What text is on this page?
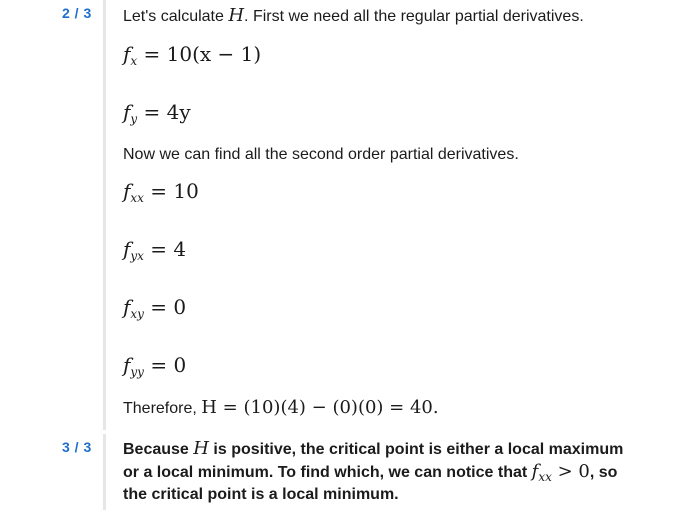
2 / 3 Let's calculate H. First we need all the regular partial derivatives.
$f_x = 10(x - 1)$
$f_y = 4y$
Now we can find all the second order partial derivatives.
$f_{xx} = 10$
$f_{yx} = 4$
$f_{xy} = 0$
$f_{yy} = 0$
Therefore, H = (10)(4) − (0)(0) = 40.
3 / 3 Because H is positive, the critical point is either a local maximum
or a local minimum. To find which, we can notice that $f_{xx} > 0$, so
the critical point is a local minimum.
